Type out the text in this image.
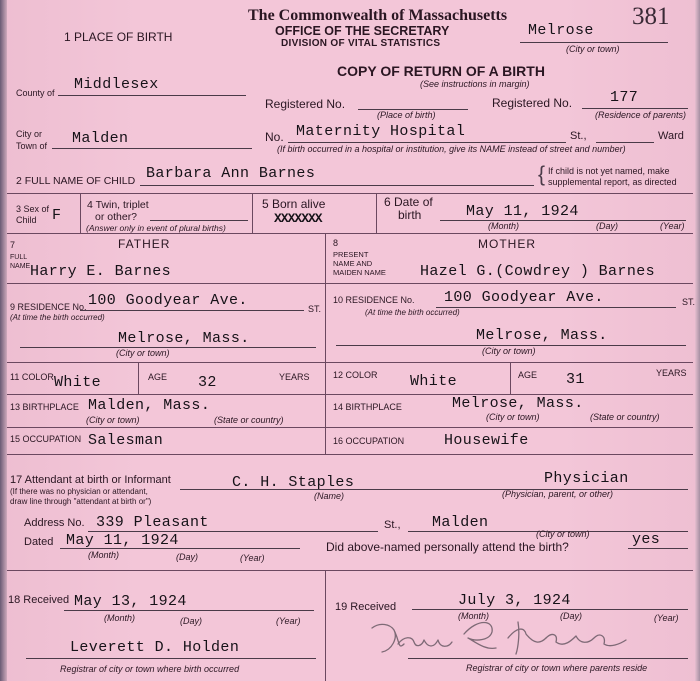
The Commonwealth of Massachusetts
OFFICE OF THE SECRETARY
DIVISION OF VITAL STATISTICS
381
1 PLACE OF BIRTH	Melrose
(City or town)
COPY OF RETURN OF A BIRTH
(See instructions in margin)
County of Middlesex
Registered No.
(Place of birth)
Registered No.	177
(Residence of parents)
City or
Town of Malden	No. Maternity Hospital	St.,	Ward
(If birth occurred in a hospital or institution, give its NAME instead of street and number)
2 FULL NAME OF CHILD Barbara Ann Barnes	{ If child is not yet named, make
supplemental report, as directed
3 Sex of
Child F
4 Twin, triplet
or other?
(Answer only in event of plural births)
5 Born alive
XXXXXXX
6 Date of
birth	May 11, 1924
(Month)	(Day)	(Year)
7	FATHER
FULL
NAME Harry E. Barnes
9 RESIDENCE No.
(At time the birth occurred)
100 Goodyear Ave.	ST.
Melrose, Mass.
(City or town)
11 COLOR White	AGE 32	YEARS
13 BIRTHPLACE Malden, Mass.
(City or town)	(State or country)
15 OCCUPATION Salesman
8	MOTHER
PRESENT
NAME AND
MAIDEN NAME Hazel G.(Cowdrey ) Barnes
10 RESIDENCE No.
(At time the birth occurred)
100 Goodyear Ave.	ST.
Melrose, Mass.
(City or town)
12 COLOR White	AGE 31	YEARS
14 BIRTHPLACE	Melrose, Mass.
(City or town)	(State or country)
16 OCCUPATION	Housewife
17 Attendant at birth or Informant
(If there was no physician or attendant,
draw line through "attendant at birth or")
C. H. Staples
(Name)
Physician
(Physician, parent, or other)
Address No. 339 Pleasant	St., Malden
(City or town)
Dated May 11, 1924
(Month)	(Day)	(Year)
Did above-named personally attend the birth?	yes
18 Received May 13, 1924
(Month)	(Day)	(Year)
Leverett D. Holden
Registrar of city or town where birth occurred
19 Received	July 3, 1924
(Month)	(Day)	(Year)
Registrar of city or town where parents reside
